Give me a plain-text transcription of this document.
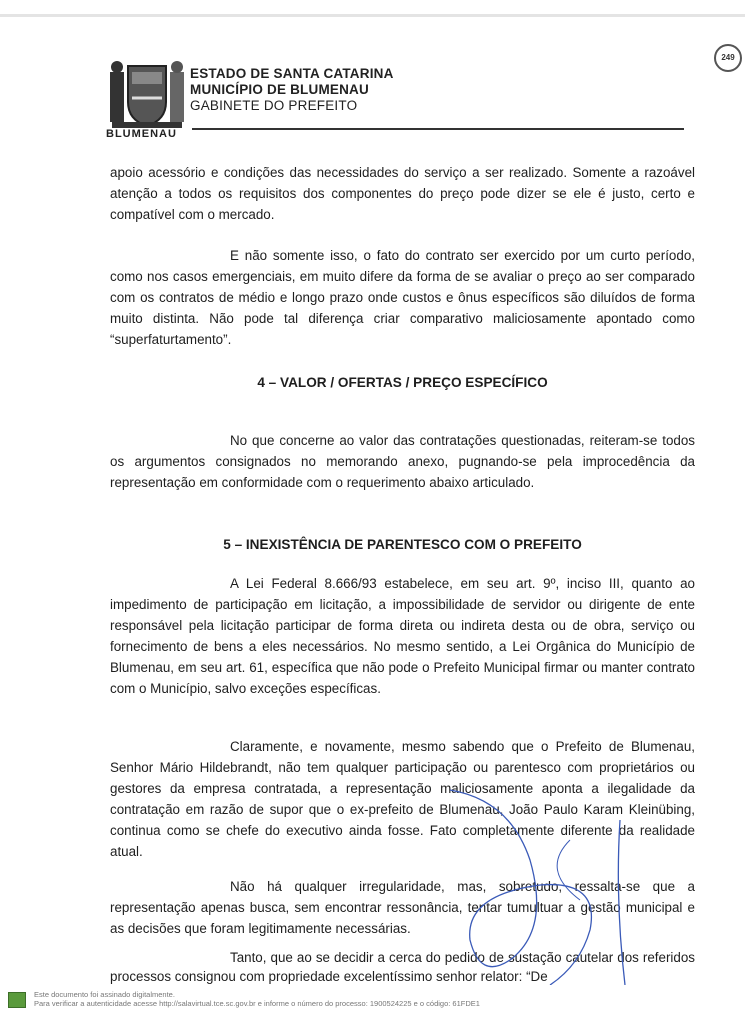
BLUMENAU
ESTADO DE SANTA CATARINA
MUNICÍPIO DE BLUMENAU
GABINETE DO PREFEITO
249
apoio acessório e condições das necessidades do serviço a ser realizado. Somente a razoável atenção a todos os requisitos dos componentes do preço pode dizer se ele é justo, certo e compatível com o mercado.
E não somente isso, o fato do contrato ser exercido por um curto período, como nos casos emergenciais, em muito difere da forma de se avaliar o preço ao ser comparado com os contratos de médio e longo prazo onde custos e ônus específicos são diluídos de forma muito distinta. Não pode tal diferença criar comparativo maliciosamente apontado como “superfaturtamento”.
4 – VALOR / OFERTAS / PREÇO ESPECÍFICO
No que concerne ao valor das contratações questionadas, reiteram-se todos os argumentos consignados no memorando anexo, pugnando-se pela improcedência da representação em conformidade com o requerimento abaixo articulado.
5 – INEXISTÊNCIA DE PARENTESCO COM O PREFEITO
A Lei Federal 8.666/93 estabelece, em seu art. 9º, inciso III, quanto ao impedimento de participação em licitação, a impossibilidade de servidor ou dirigente de ente responsável pela licitação participar de forma direta ou indireta desta ou de obra, serviço ou fornecimento de bens a eles necessários. No mesmo sentido, a Lei Orgânica do Município de Blumenau, em seu art. 61, específica que não pode o Prefeito Municipal firmar ou manter contrato com o Município, salvo exceções específicas.
Claramente, e novamente, mesmo sabendo que o Prefeito de Blumenau, Senhor Mário Hildebrandt, não tem qualquer participação ou parentesco com proprietários ou gestores da empresa contratada, a representação maliciosamente aponta a ilegalidade da contratação em razão de supor que o ex-prefeito de Blumenau, João Paulo Karam Kleinübing, continua como se chefe do executivo ainda fosse. Fato completamente diferente da realidade atual.
Não há qualquer irregularidade, mas, sobretudo, ressalta-se que a representação apenas busca, sem encontrar ressonância, tentar tumultuar a gestão municipal e as decisões que foram legitimamente necessárias.
Tanto, que ao se decidir a cerca do pedido de sustação cautelar dos referidos processos consignou com propriedade excelentíssimo senhor relator: “De
Este documento foi assinado digitalmente.
Para verificar a autenticidade acesse http://salavirtual.tce.sc.gov.br e informe o número do processo: 1900524225 e o código: 61FDE1
